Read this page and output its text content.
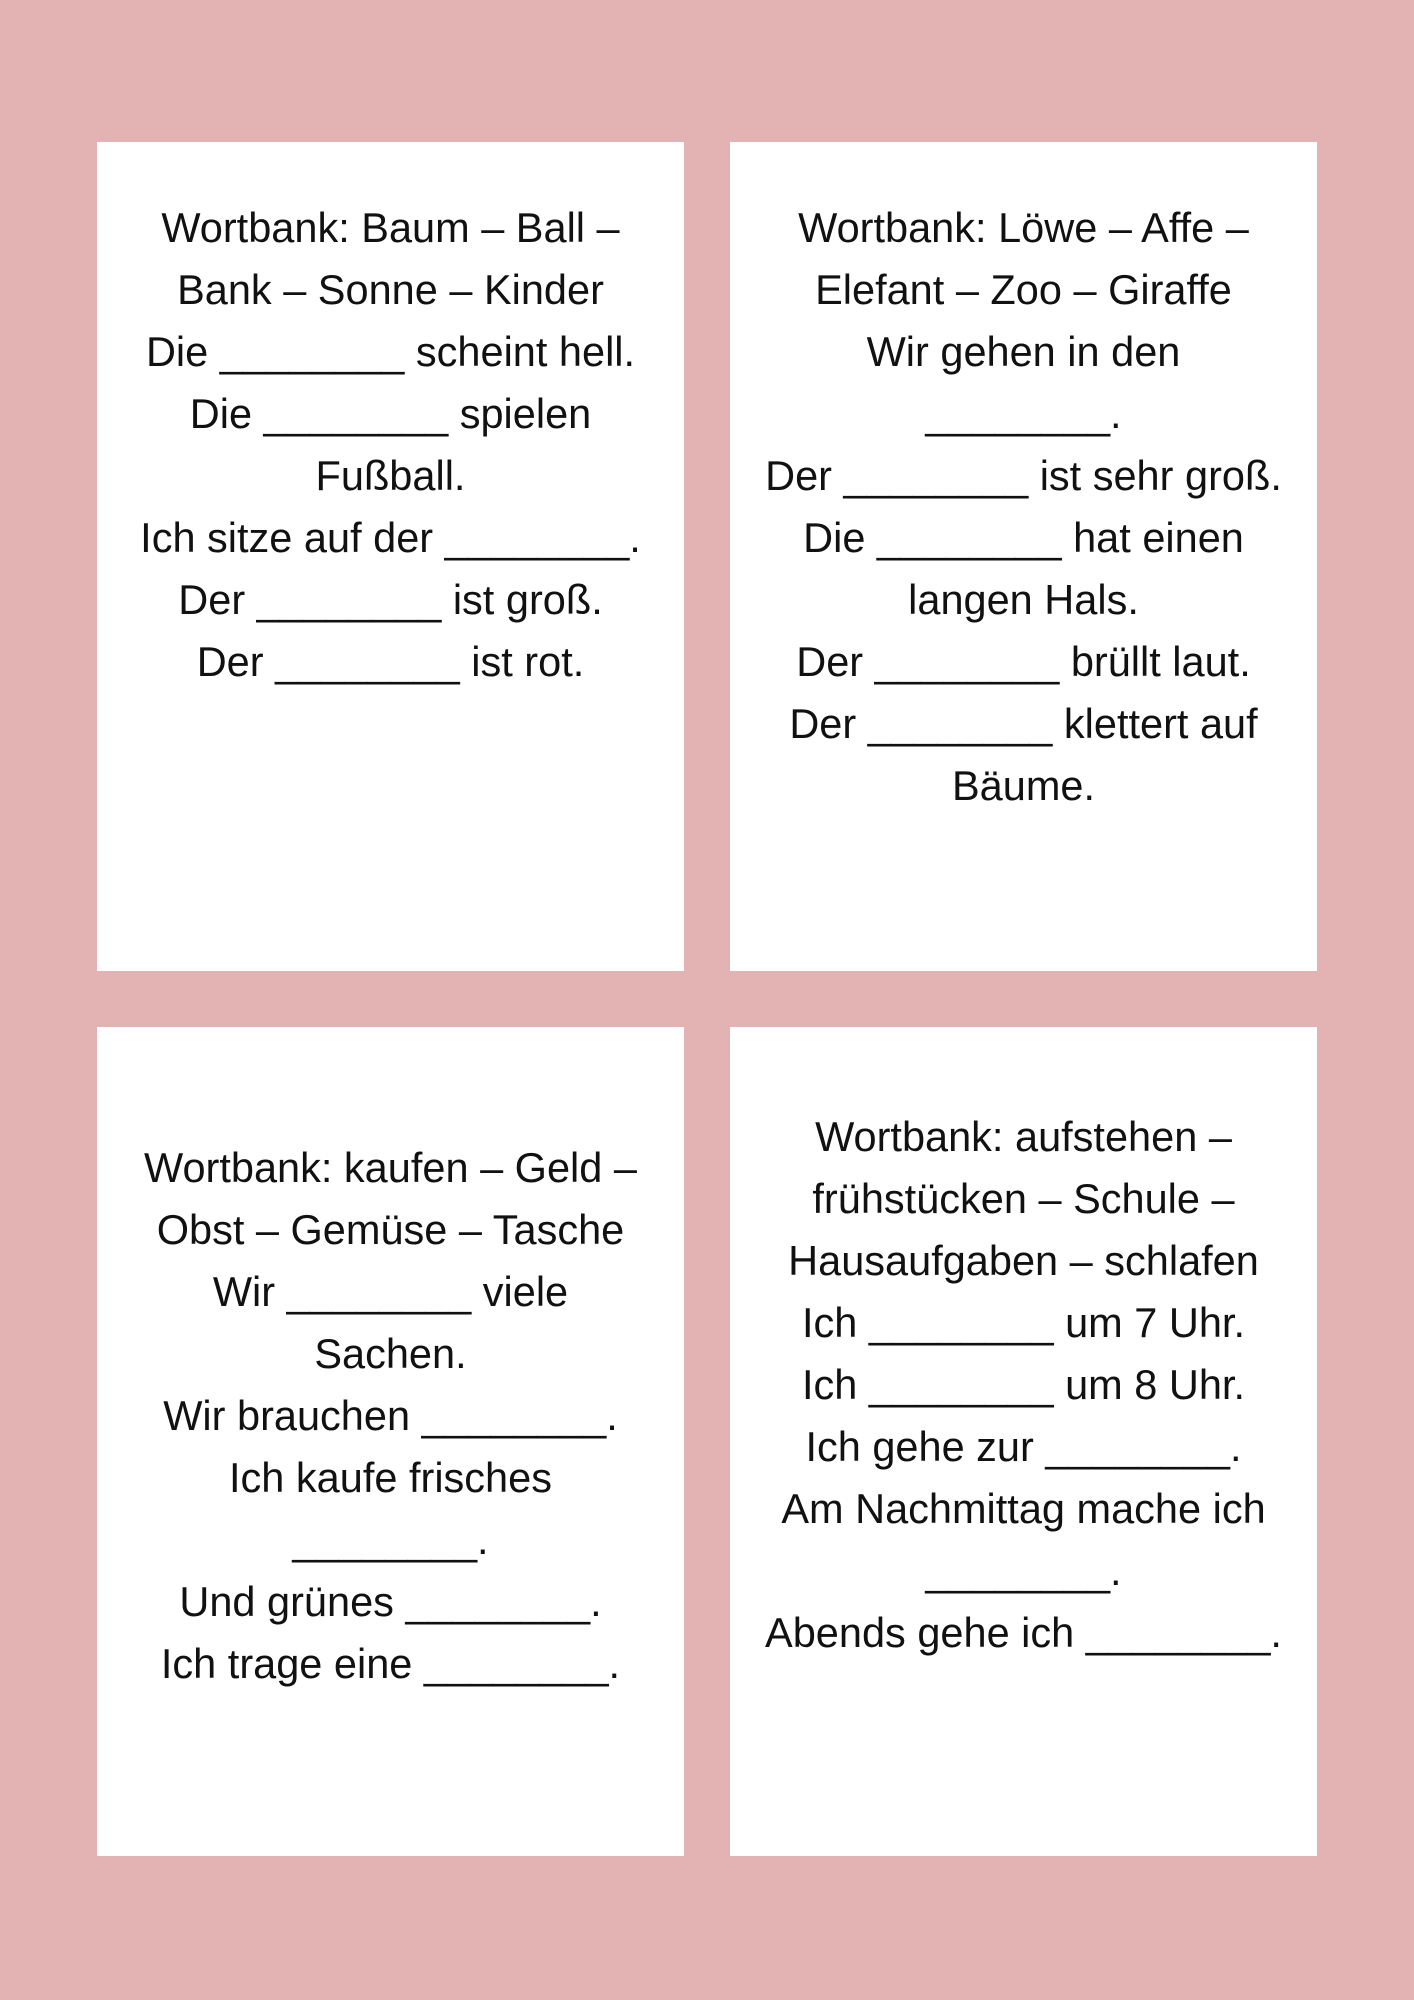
Wortbank: Baum – Ball – Bank – Sonne – Kinder
Die ________ scheint hell.
Die ________ spielen Fußball.
Ich sitze auf der ________.
Der ________ ist groß.
Der ________ ist rot.
Wortbank: Löwe – Affe – Elefant – Zoo – Giraffe
Wir gehen in den ________.
Der ________ ist sehr groß.
Die ________ hat einen langen Hals.
Der ________ brüllt laut.
Der ________ klettert auf Bäume.
Wortbank: kaufen – Geld – Obst – Gemüse – Tasche
Wir ________ viele Sachen.
Wir brauchen ________.
Ich kaufe frisches ________.
Und grünes ________.
Ich trage eine ________.
Wortbank: aufstehen – frühstücken – Schule – Hausaufgaben – schlafen
Ich ________ um 7 Uhr.
Ich ________ um 8 Uhr.
Ich gehe zur ________.
Am Nachmittag mache ich ________.
Abends gehe ich ________.
